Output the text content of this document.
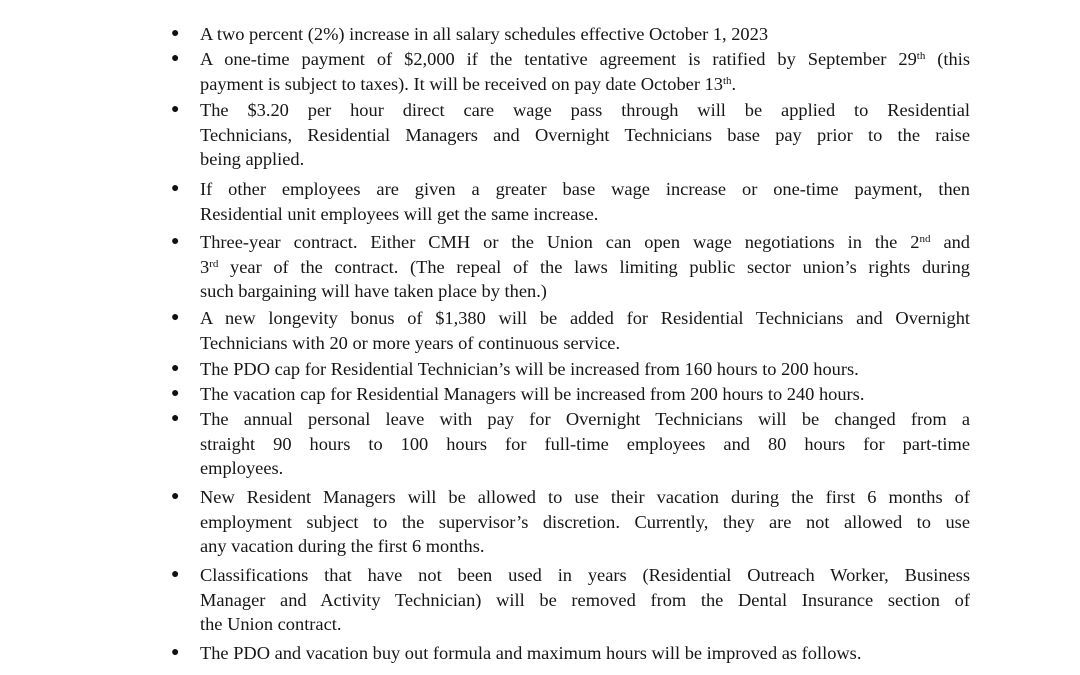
● A two percent (2%) increase in all salary schedules effective October 1, 2023
● A one-time payment of $2,000 if the tentative agreement is ratified by September 29th (this
payment is subject to taxes). It will be received on pay date October 13th.
● The $3.20 per hour direct care wage pass through will be applied to Residential
Technicians, Residential Managers and Overnight Technicians base pay prior to the raise
being applied.
● If other employees are given a greater base wage increase or one-time payment, then
Residential unit employees will get the same increase.
● Three-year contract. Either CMH or the Union can open wage negotiations in the 2nd and
3rd year of the contract. (The repeal of the laws limiting public sector union’s rights during
such bargaining will have taken place by then.)
● A new longevity bonus of $1,380 will be added for Residential Technicians and Overnight
Technicians with 20 or more years of continuous service.
● The PDO cap for Residential Technician’s will be increased from 160 hours to 200 hours.
● The vacation cap for Residential Managers will be increased from 200 hours to 240 hours.
● The annual personal leave with pay for Overnight Technicians will be changed from a
straight 90 hours to 100 hours for full-time employees and 80 hours for part-time
employees.
● New Resident Managers will be allowed to use their vacation during the first 6 months of
employment subject to the supervisor’s discretion. Currently, they are not allowed to use
any vacation during the first 6 months.
● Classifications that have not been used in years (Residential Outreach Worker, Business
Manager and Activity Technician) will be removed from the Dental Insurance section of
the Union contract.
● The PDO and vacation buy out formula and maximum hours will be improved as follows.
